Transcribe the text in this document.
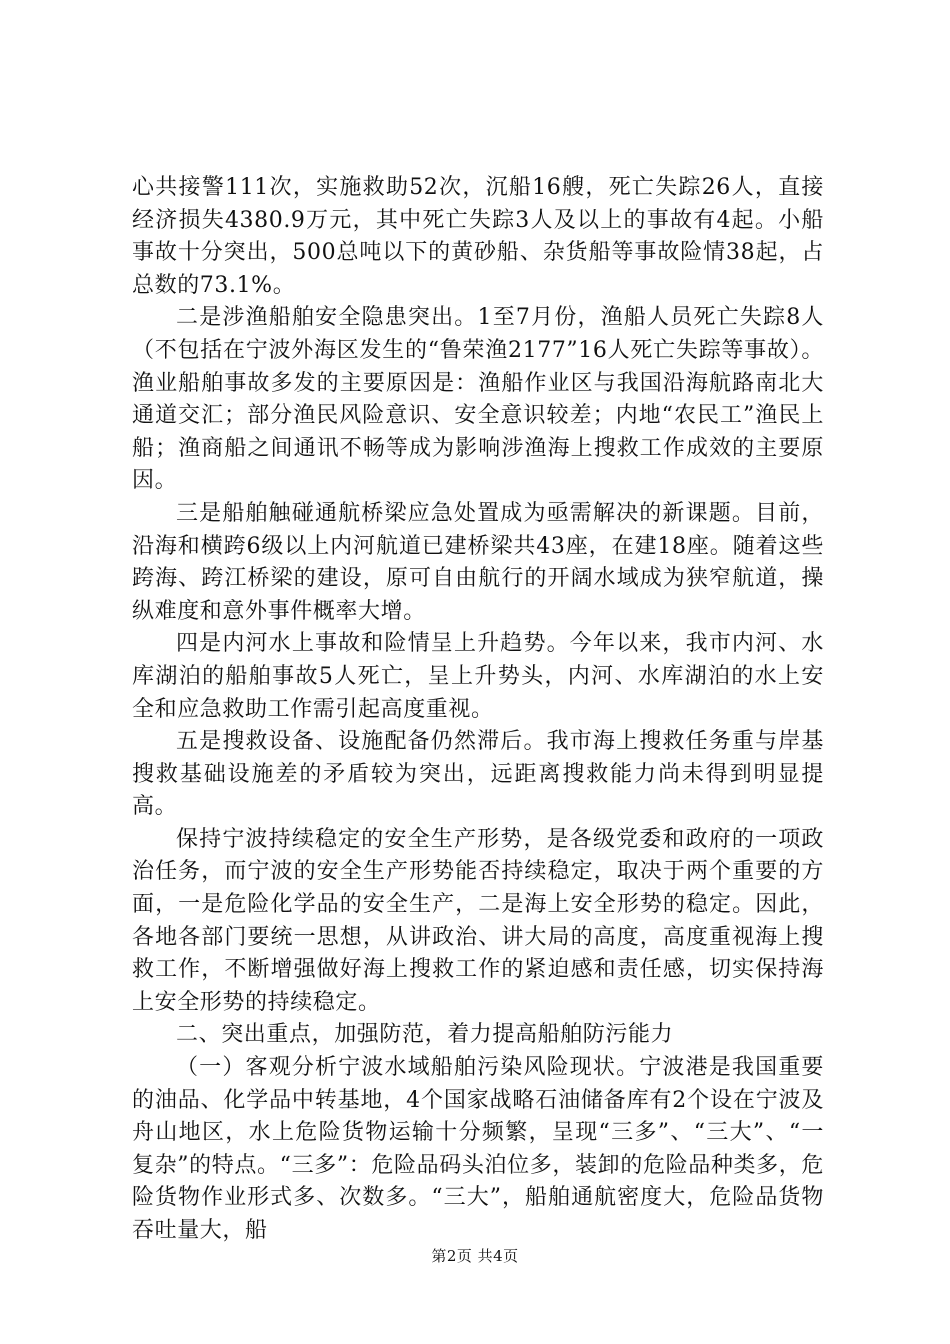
心共接警111次，实施救助52次，沉船16艘，死亡失踪26人，直接经济损失4380.9万元，其中死亡失踪3人及以上的事故有4起。小船事故十分突出，500总吨以下的黄砂船、杂货船等事故险情38起，占总数的73.1%。

二是涉渔船舶安全隐患突出。1至7月份，渔船人员死亡失踪8人（不包括在宁波外海区发生的“鲁荣渔2177”16人死亡失踪等事故）。渔业船舶事故多发的主要原因是：渔船作业区与我国沿海航路南北大通道交汇；部分渔民风险意识、安全意识较差；内地“农民工”渔民上船；渔商船之间通讯不畅等成为影响涉渔海上搜救工作成效的主要原因。

三是船舶触碰通航桥梁应急处置成为亟需解决的新课题。目前，沿海和横跨6级以上内河航道已建桥梁共43座，在建18座。随着这些跨海、跨江桥梁的建设，原可自由航行的开阔水域成为狭窄航道，操纵难度和意外事件概率大增。

四是内河水上事故和险情呈上升趋势。今年以来，我市内河、水库湖泊的船舶事故5人死亡，呈上升势头，内河、水库湖泊的水上安全和应急救助工作需引起高度重视。

五是搜救设备、设施配备仍然滞后。我市海上搜救任务重与岸基搜救基础设施差的矛盾较为突出，远距离搜救能力尚未得到明显提高。

保持宁波持续稳定的安全生产形势，是各级党委和政府的一项政治任务，而宁波的安全生产形势能否持续稳定，取决于两个重要的方面，一是危险化学品的安全生产，二是海上安全形势的稳定。因此，各地各部门要统一思想，从讲政治、讲大局的高度，高度重视海上搜救工作，不断增强做好海上搜救工作的紧迫感和责任感，切实保持海上安全形势的持续稳定。

二、突出重点，加强防范，着力提高船舶防污能力

（一）客观分析宁波水域船舶污染风险现状。宁波港是我国重要的油品、化学品中转基地，4个国家战略石油储备库有2个设在宁波及舟山地区，水上危险货物运输十分频繁，呈现“三多”、“三大”、“一复杂”的特点。“三多”：危险品码头泊位多，装卸的危险品种类多，危险货物作业形式多、次数多。“三大”，船舶通航密度大，危险品货物吞吐量大，船

第2页 共4页
